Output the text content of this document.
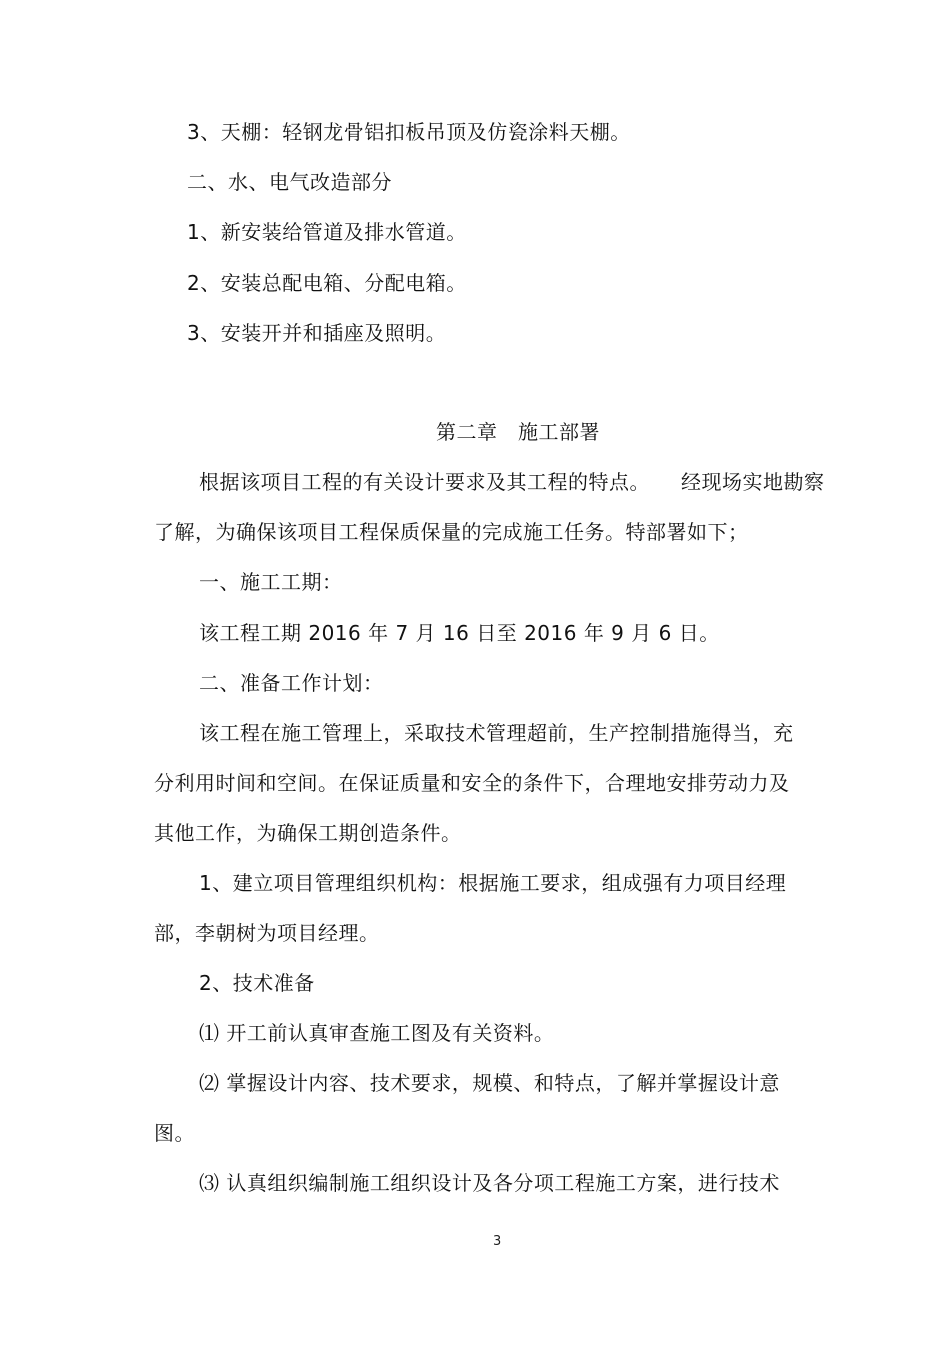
3、天棚：轻钢龙骨铝扣板吊顶及仿瓷涂料天棚。
二、水、电气改造部分
1、新安装给管道及排水管道。
2、安装总配电箱、分配电箱。
3、安装开并和插座及照明。
第二章　施工部署
根据该项目工程的有关设计要求及其工程的特点。　　经现场实地勘察
了解，为确保该项目工程保质保量的完成施工任务。特部署如下；
一、施工工期：
该工程工期 2016 年 7 月 16 日至 2016 年 9 月 6 日。
二、准备工作计划：
该工程在施工管理上，采取技术管理超前，生产控制措施得当，充
分利用时间和空间。在保证质量和安全的条件下，合理地安排劳动力及
其他工作，为确保工期创造条件。
1、建立项目管理组织机构：根据施工要求，组成强有力项目经理
部，李朝树为项目经理。
2、技术准备
⑴ 开工前认真审查施工图及有关资料。
⑵ 掌握设计内容、技术要求，规模、和特点，了解并掌握设计意
图。
⑶ 认真组织编制施工组织设计及各分项工程施工方案，进行技术
3
